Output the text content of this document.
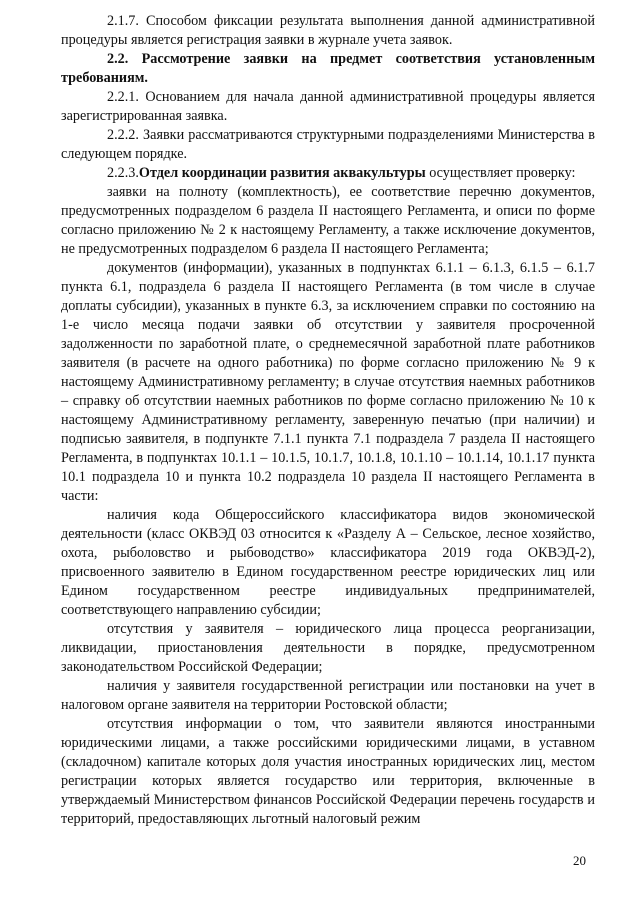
2.1.7. Способом фиксации результата выполнения данной административной процедуры является регистрация заявки в журнале учета заявок.

2.2. Рассмотрение заявки на предмет соответствия установленным требованиям.

2.2.1. Основанием для начала данной административной процедуры является зарегистрированная заявка.

2.2.2. Заявки рассматриваются структурными подразделениями Министерства в следующем порядке.

2.2.3.Отдел координации развития аквакультуры осуществляет проверку:

заявки на полноту (комплектность), ее соответствие перечню документов, предусмотренных подразделом 6 раздела II настоящего Регламента, и описи по форме согласно приложению № 2 к настоящему Регламенту, а также исключение документов, не предусмотренных подразделом 6 раздела II настоящего Регламента;

документов (информации), указанных в подпунктах 6.1.1 – 6.1.3, 6.1.5 – 6.1.7 пункта 6.1, подраздела 6 раздела II настоящего Регламента (в том числе в случае доплаты субсидии), указанных в пункте 6.3, за исключением справки по состоянию на 1-е число месяца подачи заявки об отсутствии у заявителя просроченной задолженности по заработной плате, о среднемесячной заработной плате работников заявителя (в расчете на одного работника) по форме согласно приложению № 9 к настоящему Административному регламенту; в случае отсутствия наемных работников – справку об отсутствии наемных работников по форме согласно приложению № 10 к настоящему Административному регламенту, заверенную печатью (при наличии) и подписью заявителя, в подпункте 7.1.1 пункта 7.1 подраздела 7 раздела II настоящего Регламента, в подпунктах 10.1.1 – 10.1.5, 10.1.7, 10.1.8, 10.1.10 – 10.1.14, 10.1.17 пункта 10.1 подраздела 10 и пункта 10.2 подраздела 10 раздела II настоящего Регламента в части:

наличия кода Общероссийского классификатора видов экономической деятельности (класс ОКВЭД 03 относится к «Разделу А – Сельское, лесное хозяйство, охота, рыболовство и рыбоводство» классификатора 2019 года ОКВЭД-2), присвоенного заявителю в Едином государственном реестре юридических лиц или Едином государственном реестре индивидуальных предпринимателей, соответствующего направлению субсидии;

отсутствия у заявителя – юридического лица процесса реорганизации, ликвидации, приостановления деятельности в порядке, предусмотренном законодательством Российской Федерации;

наличия у заявителя государственной регистрации или постановки на учет в налоговом органе заявителя на территории Ростовской области;

отсутствия информации о том, что заявители являются иностранными юридическими лицами, а также российскими юридическими лицами, в уставном (складочном) капитале которых доля участия иностранных юридических лиц, местом регистрации которых является государство или территория, включенные в утверждаемый Министерством финансов Российской Федерации перечень государств и территорий, предоставляющих льготный налоговый режим

20
